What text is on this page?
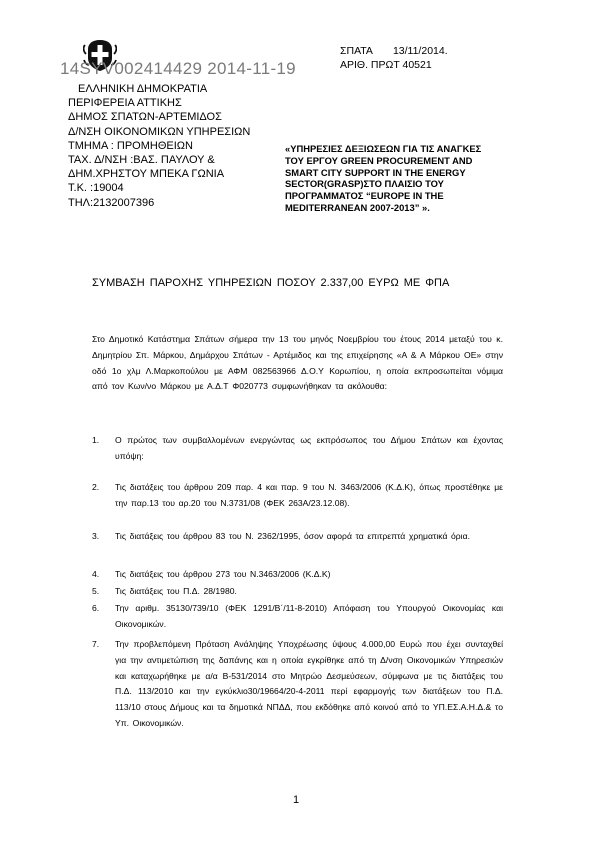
14SYV002414429 2014-11-19
ΣΠΑΤΑ 13/11/2014.
ΑΡΙΘ. ΠΡΩΤ 40521
ΕΛΛΗΝΙΚΗ ΔΗΜΟΚΡΑΤΙΑ
ΠΕΡΙΦΕΡΕΙΑ ΑΤΤΙΚΗΣ
ΔΗΜΟΣ ΣΠΑΤΩΝ-ΑΡΤΕΜΙΔΟΣ
Δ/ΝΣΗ ΟΙΚΟΝΟΜΙΚΩΝ ΥΠΗΡΕΣΙΩΝ
ΤΜΗΜΑ : ΠΡΟΜΗΘΕΙΩΝ
ΤΑΧ. Δ/ΝΣΗ :ΒΑΣ. ΠΑΥΛΟΥ &
ΔΗΜ.ΧΡΗΣΤΟΥ ΜΠΕΚΑ ΓΩΝΙΑ
Τ.Κ. :19004
ΤΗΛ:2132007396
«ΥΠΗΡΕΣΙΕΣ ΔΕΞΙΩΣΕΩΝ ΓΙΑ ΤΙΣ ΑΝΑΓΚΕΣ ΤΟΥ ΕΡΓΟΥ GREEN PROCUREMENT AND SMART CITY SUPPORT IN THE ENERGY SECTOR(GRASP)ΣΤΟ ΠΛΑΙΣΙΟ ΤΟΥ ΠΡΟΓΡΑΜΜΑΤΟΣ “EUROPE IN THE MEDITERRANEAN 2007-2013” ».
ΣΥΜΒΑΣΗ ΠΑΡΟΧΗΣ ΥΠΗΡΕΣΙΩΝ ΠΟΣΟΥ 2.337,00 ΕΥΡΩ ΜΕ ΦΠΑ
Στο Δημοτικό Κατάστημα Σπάτων σήμερα την 13 του μηνός Νοεμβρίου του έτους 2014 μεταξύ του κ. Δημητρίου Σπ. Μάρκου, Δημάρχου Σπάτων - Αρτέμιδος και της επιχείρησης «Α & Α Μάρκου ΟΕ» στην οδό 1ο χλμ Λ.Μαρκοπούλου με ΑΦΜ 082563966 Δ.Ο.Υ Κορωπίου, η οποία εκπροσωπείται νόμιμα από τον Κων/νο Μάρκου με Α.Δ.Τ Φ020773 συμφωνήθηκαν τα ακόλουθα:
1. Ο πρώτος των συμβαλλομένων ενεργώντας ως εκπρόσωπος του Δήμου Σπάτων και έχοντας υπόψη:
2. Τις διατάξεις του άρθρου 209 παρ. 4 και παρ. 9 του Ν. 3463/2006 (Κ.Δ.Κ), όπως προστέθηκε με την παρ.13 του αρ.20 του Ν.3731/08 (ΦΕΚ 263Α/23.12.08).
3. Τις διατάξεις του άρθρου 83 του Ν. 2362/1995, όσον αφορά τα επιτρεπτά χρηματικά όρια.
4. Τις διατάξεις του άρθρου 273 του Ν.3463/2006 (Κ.Δ.Κ)
5. Τις διατάξεις του Π.Δ. 28/1980.
6. Την αριθμ. 35130/739/10 (ΦΕΚ 1291/Β΄/11-8-2010) Απόφαση του Υπουργού Οικονομίας και Οικονομικών.
7. Την προβλεπόμενη Πρόταση Ανάληψης Υποχρέωσης ύψους 4.000,00 Ευρώ που έχει συνταχθεί για την αντιμετώπιση της δαπάνης και η οποία εγκρίθηκε από τη Δ/νση Οικονομικών Υπηρεσιών και καταχωρήθηκε με α/α Β-531/2014 στο Μητρώο Δεσμεύσεων, σύμφωνα με τις διατάξεις του Π.Δ. 113/2010 και την εγκύκλιο30/19664/20-4-2011 περί εφαρμογής των διατάξεων του Π.Δ. 113/10 στους Δήμους και τα δημοτικά ΝΠΔΔ, που εκδόθηκε από κοινού από το ΥΠ.ΕΣ.Α.Η.Δ.& το Υπ. Οικονομικών.
1
